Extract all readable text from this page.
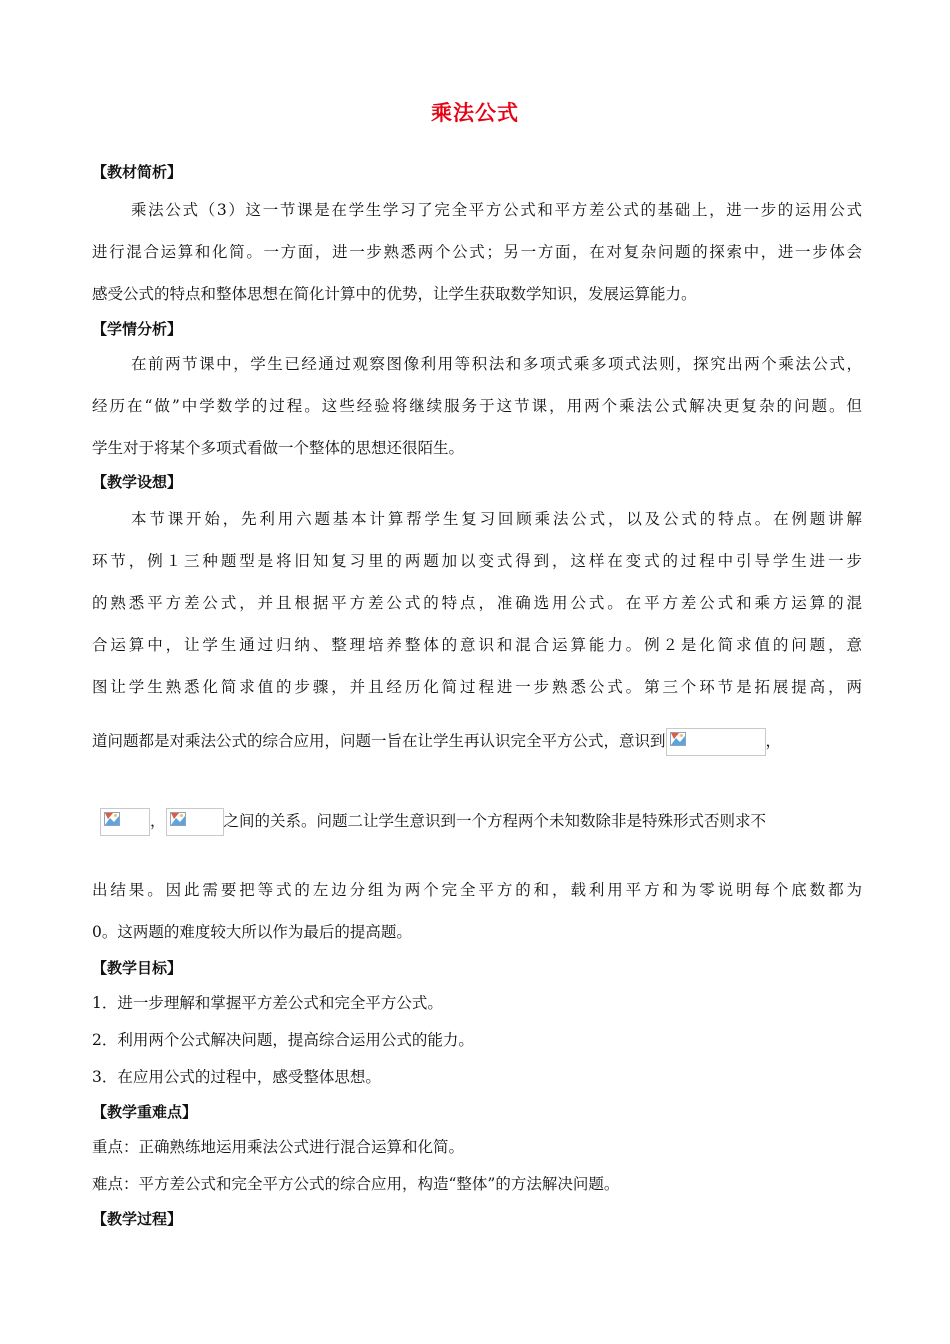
乘法公式
【教材简析】
乘法公式（3）这一节课是在学生学习了完全平方公式和平方差公式的基础上，进一步的运用公式
进行混合运算和化简。一方面，进一步熟悉两个公式；另一方面，在对复杂问题的探索中，进一步体会
感受公式的特点和整体思想在简化计算中的优势，让学生获取数学知识，发展运算能力。
【学情分析】
在前两节课中，学生已经通过观察图像利用等积法和多项式乘多项式法则，探究出两个乘法公式，
经历在“做”中学数学的过程。这些经验将继续服务于这节课，用两个乘法公式解决更复杂的问题。但
学生对于将某个多项式看做一个整体的思想还很陌生。
【教学设想】
本节课开始，先利用六题基本计算帮学生复习回顾乘法公式，以及公式的特点。在例题讲解
环节，例１三种题型是将旧知复习里的两题加以变式得到，这样在变式的过程中引导学生进一步
的熟悉平方差公式，并且根据平方差公式的特点，准确选用公式。在平方差公式和乘方运算的混
合运算中，让学生通过归纳、整理培养整体的意识和混合运算能力。例２是化简求值的问题，意
图让学生熟悉化简求值的步骤，并且经历化简过程进一步熟悉公式。第三个环节是拓展提高，两
道问题都是对乘法公式的综合应用，问题一旨在让学生再认识完全平方公式，意识到	，
，	之间的关系。问题二让学生意识到一个方程两个未知数除非是特殊形式否则求不
出结果。因此需要把等式的左边分组为两个完全平方的和，载利用平方和为零说明每个底数都为
0。这两题的难度较大所以作为最后的提高题。
【教学目标】
1．进一步理解和掌握平方差公式和完全平方公式。
2．利用两个公式解决问题，提高综合运用公式的能力。
3．在应用公式的过程中，感受整体思想。
【教学重难点】
重点：正确熟练地运用乘法公式进行混合运算和化简。
难点：平方差公式和完全平方公式的综合应用，构造“整体”的方法解决问题。
【教学过程】
